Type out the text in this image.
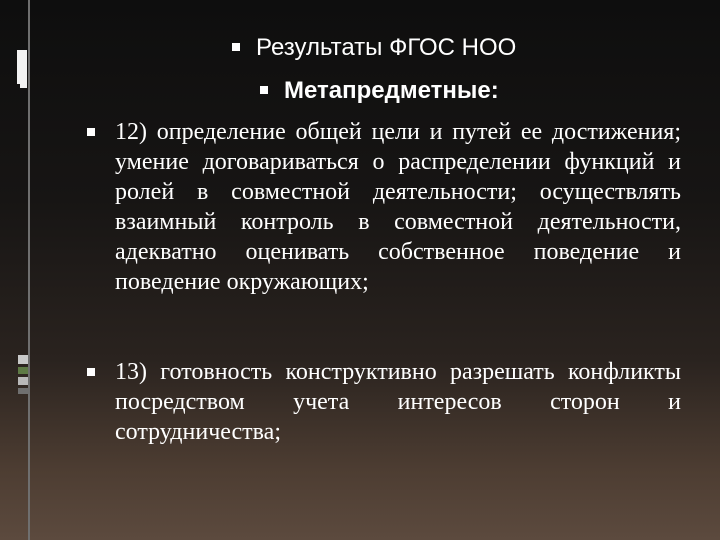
Результаты ФГОС НОО
Метапредметные:
12) определение общей цели и путей ее достижения; умение договариваться о распределении функций и ролей в совместной деятельности; осуществлять взаимный контроль в совместной деятельности, адекватно оценивать собственное поведение и поведение окружающих;
13) готовность конструктивно разрешать конфликты посредством учета интересов сторон и сотрудничества;
